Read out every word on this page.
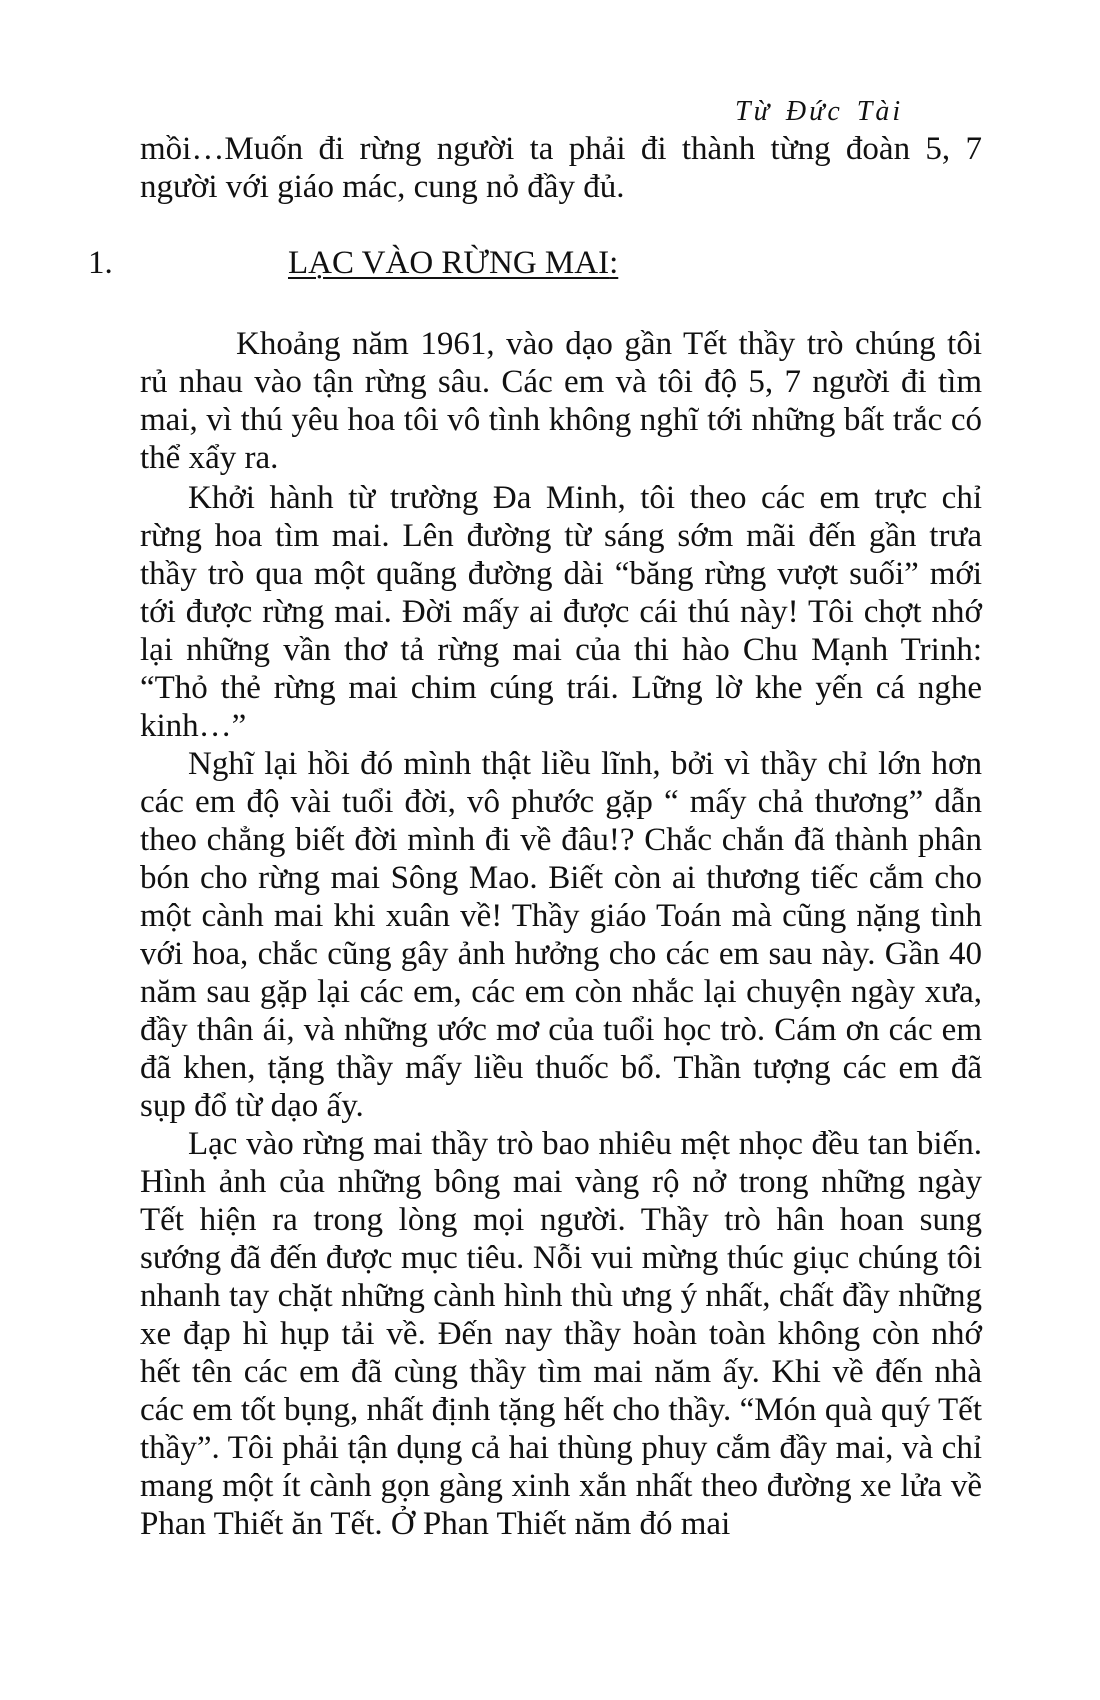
Từ Đức Tài
mồi…Muốn đi rừng người ta phải đi thành từng đoàn 5, 7 người với giáo mác, cung nỏ đầy đủ.
1.	LẠC VÀO RỪNG MAI:

Khoảng năm 1961, vào dạo gần Tết thầy trò chúng tôi rủ nhau vào tận rừng sâu. Các em và tôi độ 5, 7 người đi tìm mai, vì thú yêu hoa tôi vô tình không nghĩ tới những bất trắc có thể xẩy ra.

Khởi hành từ trường Đa Minh, tôi theo các em trực chỉ rừng hoa tìm mai. Lên đường từ sáng sớm mãi đến gần trưa thầy trò qua một quãng đường dài “băng rừng vượt suối” mới tới được rừng mai. Đời mấy ai được cái thú này! Tôi chợt nhớ lại những vần thơ tả rừng mai của thi hào Chu Mạnh Trinh: “Thỏ thẻ rừng mai chim cúng trái. Lững lờ khe yến cá nghe kinh…”

Nghĩ lại hồi đó mình thật liều lĩnh, bởi vì thầy chỉ lớn hơn các em độ vài tuổi đời, vô phước gặp “ mấy chả thương” dẫn theo chẳng biết đời mình đi về đâu!? Chắc chắn đã thành phân bón cho rừng mai Sông Mao. Biết còn ai thương tiếc cắm cho một cành mai khi xuân về! Thầy giáo Toán mà cũng nặng tình với hoa, chắc cũng gây ảnh hưởng cho các em sau này. Gần 40 năm sau gặp lại các em, các em còn nhắc lại chuyện ngày xưa, đầy thân ái, và những ước mơ của tuổi học trò. Cám ơn các em đã khen, tặng thầy mấy liều thuốc bổ. Thần tượng các em đã sụp đổ từ dạo ấy.

Lạc vào rừng mai thầy trò bao nhiêu mệt nhọc đều tan biến. Hình ảnh của những bông mai vàng rộ nở trong những ngày Tết hiện ra trong lòng mọi người. Thầy trò hân hoan sung sướng đã đến được mục tiêu. Nỗi vui mừng thúc giục chúng tôi nhanh tay chặt những cành hình thù ưng ý nhất, chất đầy những xe đạp hì hụp tải về. Đến nay thầy hoàn toàn không còn nhớ hết tên các em đã cùng thầy tìm mai năm ấy. Khi về đến nhà các em tốt bụng, nhất định tặng hết cho thầy. “Món quà quý Tết thầy”. Tôi phải tận dụng cả hai thùng phuy cắm đầy mai, và chỉ mang một ít cành gọn gàng xinh xắn nhất theo đường xe lửa về Phan Thiết ăn Tết. Ở Phan Thiết năm đó mai
